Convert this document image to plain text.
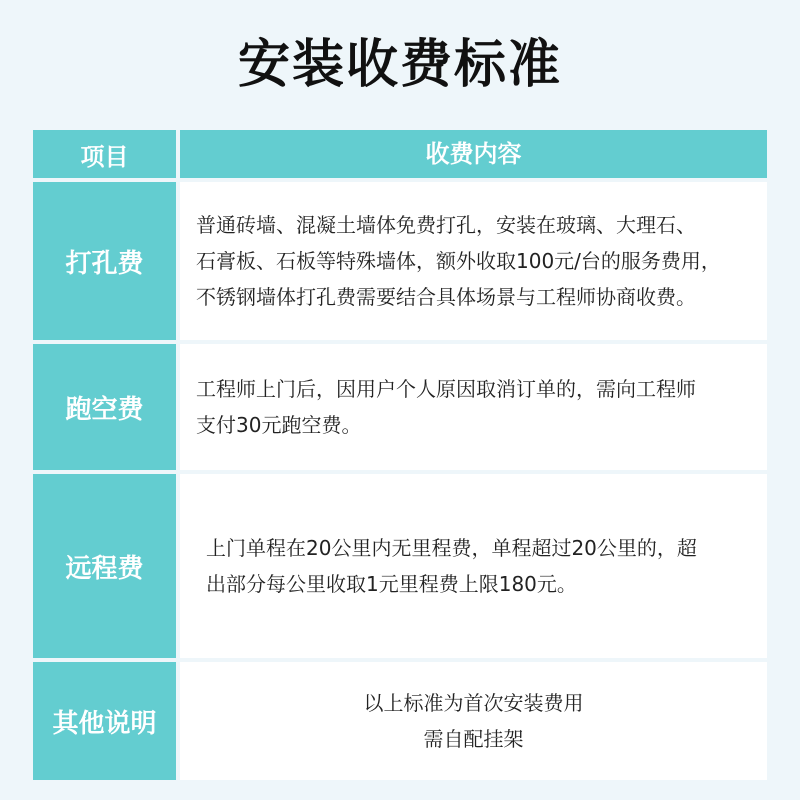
安装收费标准
项目	收费内容
打孔费
普通砖墙、混凝土墙体免费打孔，安装在玻璃、大理石、
石膏板、石板等特殊墙体，额外收取100元/台的服务费用，
不锈钢墙体打孔费需要结合具体场景与工程师协商收费。
跑空费
工程师上门后，因用户个人原因取消订单的，需向工程师
支付30元跑空费。
远程费
上门单程在20公里内无里程费，单程超过20公里的，超
出部分每公里收取1元里程费上限180元。
其他说明
以上标准为首次安装费用
需自配挂架
